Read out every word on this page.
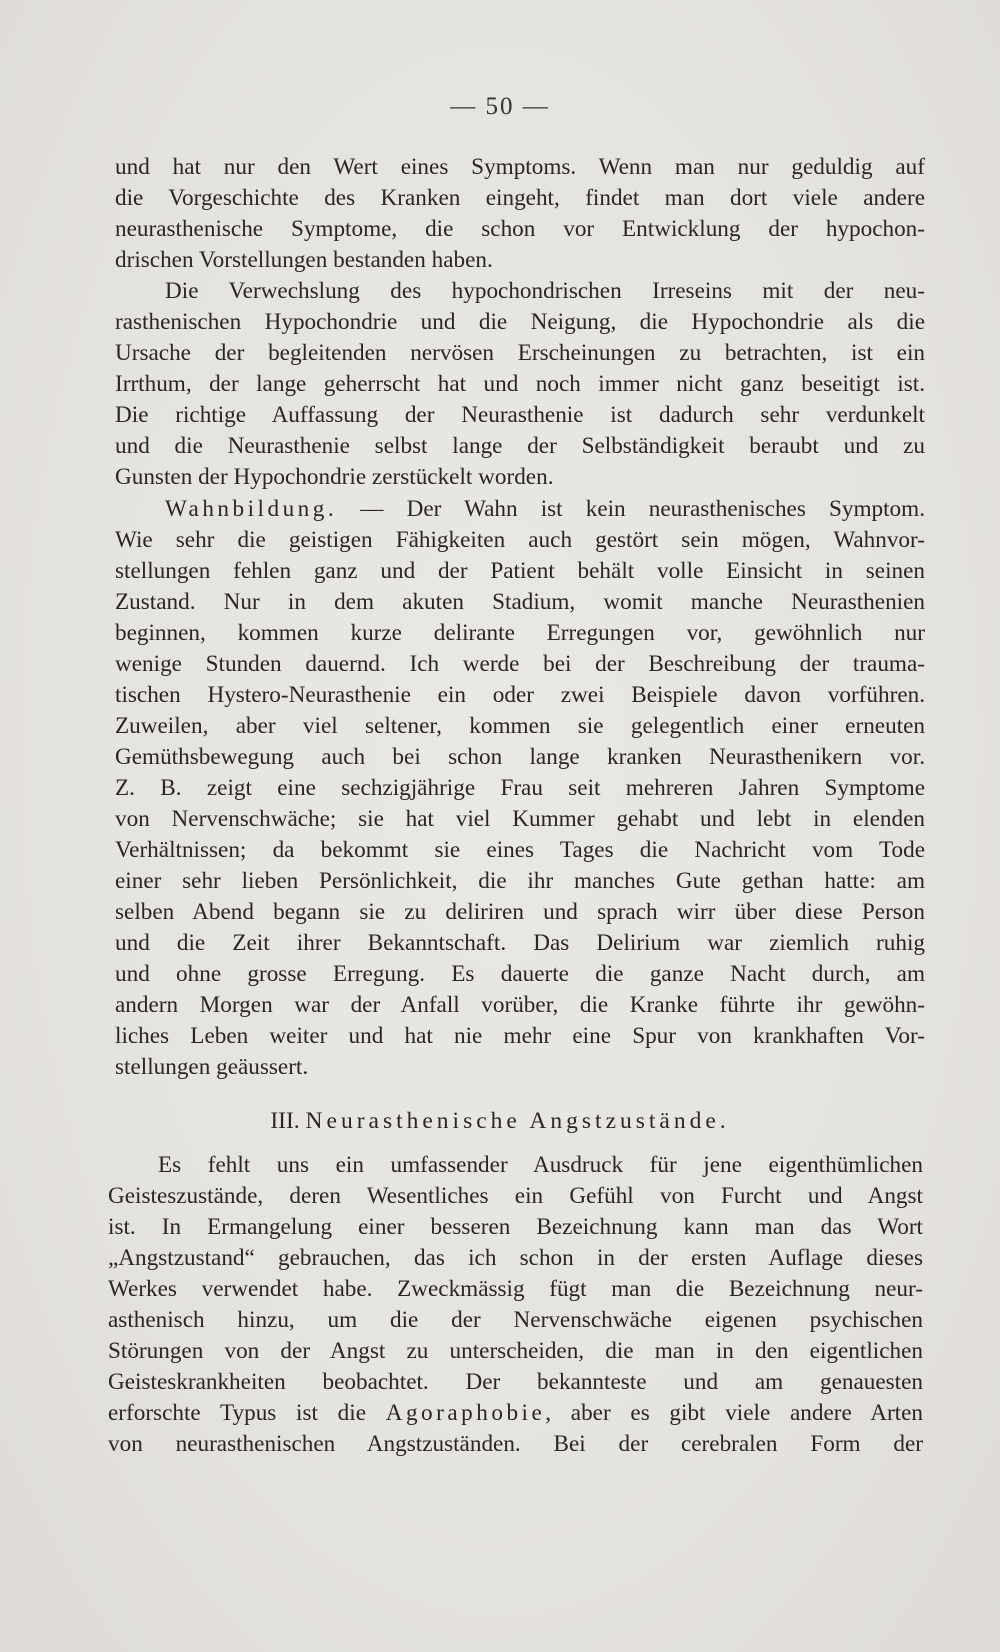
— 50 —
und hat nur den Wert eines Symptoms. Wenn man nur geduldig auf
die Vorgeschichte des Kranken eingeht, findet man dort viele andere
neurasthenische Symptome, die schon vor Entwicklung der hypochon-
drischen Vorstellungen bestanden haben.
Die Verwechslung des hypochondrischen Irreseins mit der neu-
rasthenischen Hypochondrie und die Neigung, die Hypochondrie als die
Ursache der begleitenden nervösen Erscheinungen zu betrachten, ist ein
Irrthum, der lange geherrscht hat und noch immer nicht ganz beseitigt ist.
Die richtige Auffassung der Neurasthenie ist dadurch sehr verdunkelt
und die Neurasthenie selbst lange der Selbständigkeit beraubt und zu
Gunsten der Hypochondrie zerstückelt worden.
Wahnbildung. — Der Wahn ist kein neurasthenisches Symptom.
Wie sehr die geistigen Fähigkeiten auch gestört sein mögen, Wahnvor-
stellungen fehlen ganz und der Patient behält volle Einsicht in seinen
Zustand. Nur in dem akuten Stadium, womit manche Neurasthenien
beginnen, kommen kurze delirante Erregungen vor, gewöhnlich nur
wenige Stunden dauernd. Ich werde bei der Beschreibung der trauma-
tischen Hystero-Neurasthenie ein oder zwei Beispiele davon vorführen.
Zuweilen, aber viel seltener, kommen sie gelegentlich einer erneuten
Gemüthsbewegung auch bei schon lange kranken Neurasthenikern vor.
Z. B. zeigt eine sechzigjährige Frau seit mehreren Jahren Symptome
von Nervenschwäche; sie hat viel Kummer gehabt und lebt in elenden
Verhältnissen; da bekommt sie eines Tages die Nachricht vom Tode
einer sehr lieben Persönlichkeit, die ihr manches Gute gethan hatte: am
selben Abend begann sie zu deliriren und sprach wirr über diese Person
und die Zeit ihrer Bekanntschaft. Das Delirium war ziemlich ruhig
und ohne grosse Erregung. Es dauerte die ganze Nacht durch, am
andern Morgen war der Anfall vorüber, die Kranke führte ihr gewöhn-
liches Leben weiter und hat nie mehr eine Spur von krankhaften Vor-
stellungen geäussert.
III. Neurasthenische Angstzustände.
Es fehlt uns ein umfassender Ausdruck für jene eigenthümlichen
Geisteszustände, deren Wesentliches ein Gefühl von Furcht und Angst
ist. In Ermangelung einer besseren Bezeichnung kann man das Wort
„Angstzustand“ gebrauchen, das ich schon in der ersten Auflage dieses
Werkes verwendet habe. Zweckmässig fügt man die Bezeichnung neur-
asthenisch hinzu, um die der Nervenschwäche eigenen psychischen
Störungen von der Angst zu unterscheiden, die man in den eigentlichen
Geisteskrankheiten beobachtet. Der bekannteste und am genauesten
erforschte Typus ist die Agoraphobie, aber es gibt viele andere Arten
von neurasthenischen Angstzuständen. Bei der cerebralen Form der
